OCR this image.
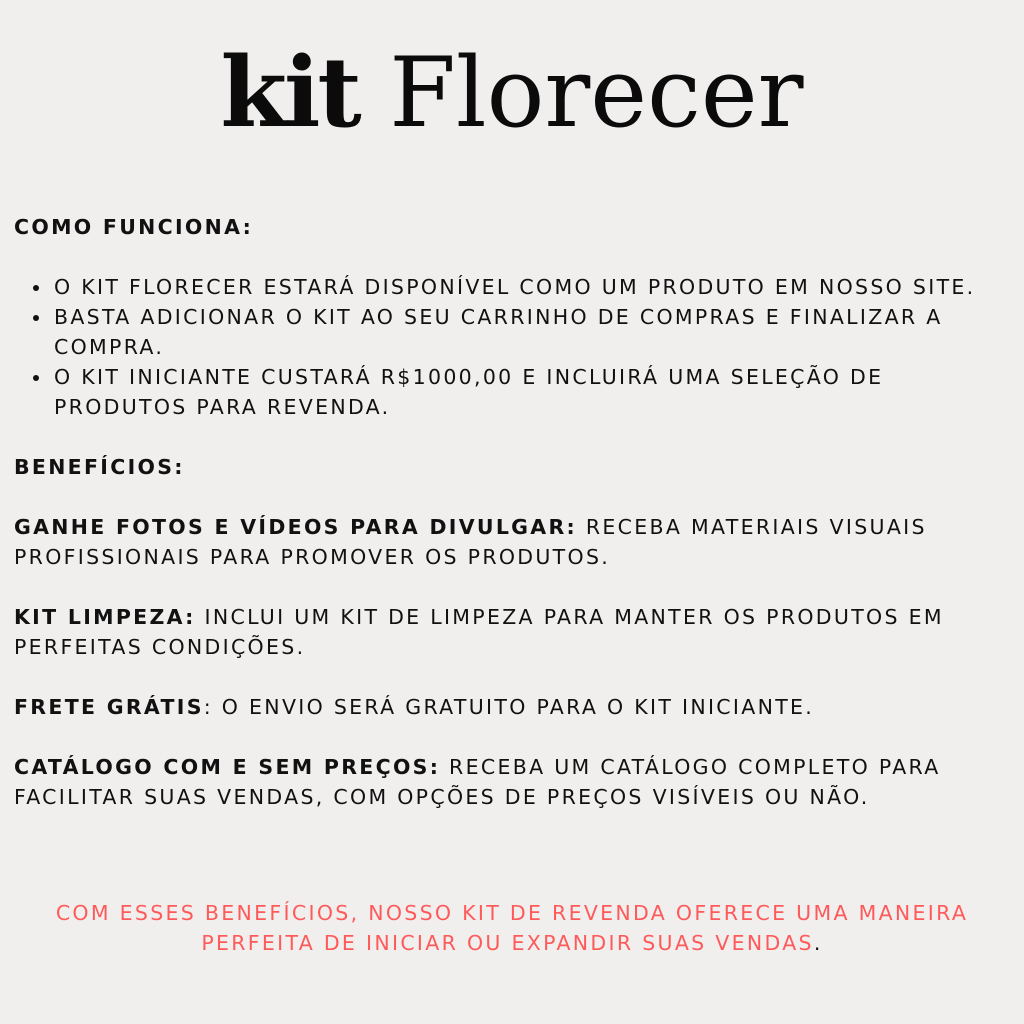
kit Florecer

COMO FUNCIONA:

• O KIT FLORECER ESTARÁ DISPONÍVEL COMO UM PRODUTO EM NOSSO SITE.
• BASTA ADICIONAR O KIT AO SEU CARRINHO DE COMPRAS E FINALIZAR A COMPRA.
• O KIT INICIANTE CUSTARÁ R$1000,00 E INCLUIRÁ UMA SELEÇÃO DE PRODUTOS PARA REVENDA.

BENEFÍCIOS:

GANHE FOTOS E VÍDEOS PARA DIVULGAR: RECEBA MATERIAIS VISUAIS PROFISSIONAIS PARA PROMOVER OS PRODUTOS.

KIT LIMPEZA: INCLUI UM KIT DE LIMPEZA PARA MANTER OS PRODUTOS EM PERFEITAS CONDIÇÕES.

FRETE GRÁTIS: O ENVIO SERÁ GRATUITO PARA O KIT INICIANTE.

CATÁLOGO COM E SEM PREÇOS: RECEBA UM CATÁLOGO COMPLETO PARA FACILITAR SUAS VENDAS, COM OPÇÕES DE PREÇOS VISÍVEIS OU NÃO.

COM ESSES BENEFÍCIOS, NOSSO KIT DE REVENDA OFERECE UMA MANEIRA PERFEITA DE INICIAR OU EXPANDIR SUAS VENDAS.
